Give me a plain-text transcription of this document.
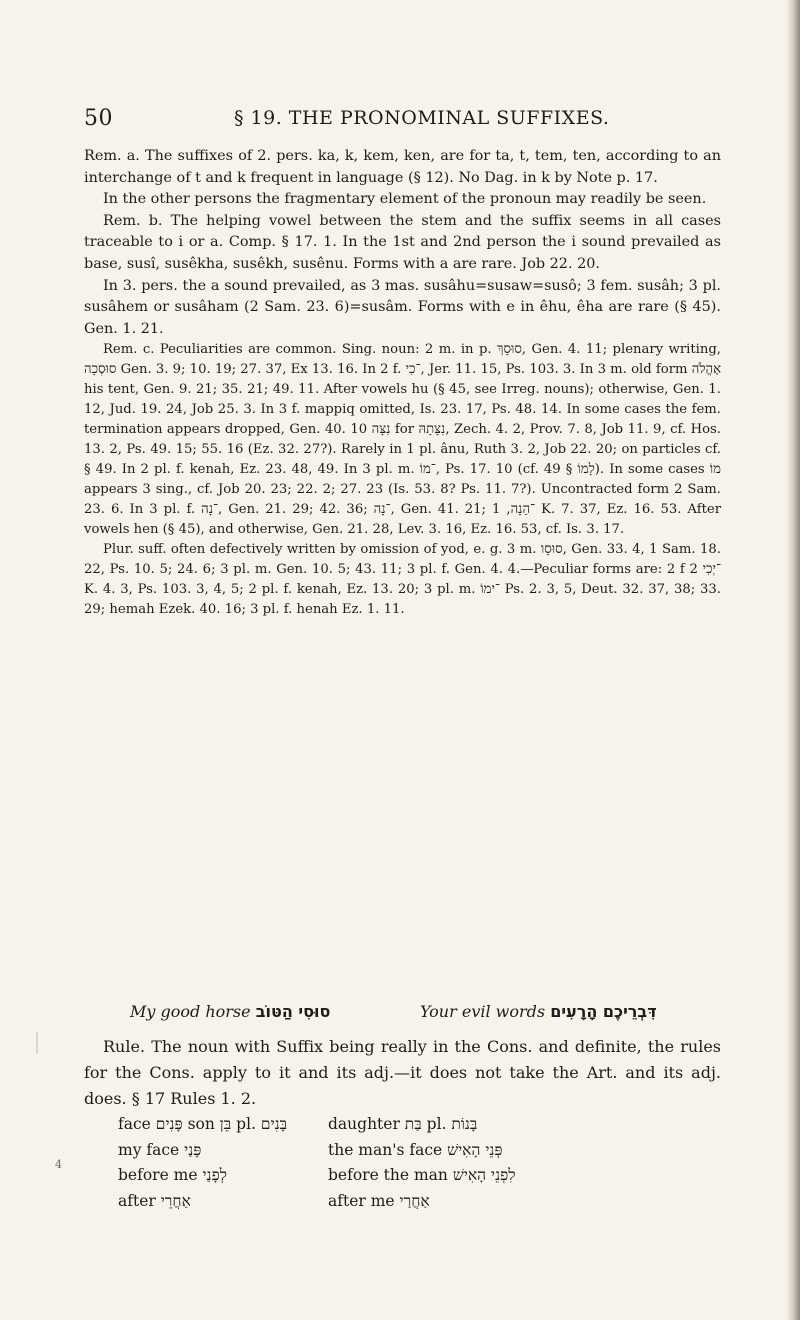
50	§ 19. THE PRONOMINAL SUFFIXES.

Rem. a. The suffixes of 2. pers. ka, k, kem, ken, are for ta, t, tem, ten, according to an interchange of t and k frequent in language (§ 12). No Dag. in k by Note p. 17.

In the other persons the fragmentary element of the pronoun may readily be seen.

Rem. b. The helping vowel between the stem and the suffix seems in all cases traceable to i or a. Comp. § 17. 1. In the 1st and 2nd person the i sound prevailed as base, susî, susêkha, susêkh, susênu. Forms with a are rare. Job 22. 20.

In 3. pers. the a sound prevailed, as 3 mas. susâhu=susaw=susô; 3 fem. susâh; 3 pl. susâhem or susâham (2 Sam. 23. 6)=susâm. Forms with e in êhu, êha are rare (§ 45). Gen. 1. 21.

Rem. c. Peculiarities are common. Sing. noun: 2 m. in p. סוּסָךְ, Gen. 4. 11; plenary writing, סוּסְכָה Gen. 3. 9; 10. 19; 27. 37, Ex 13. 16. In 2 f. ־כִי, Jer. 11. 15, Ps. 103. 3. In 3 m. old form אָהֳלֹה his tent, Gen. 9. 21; 35. 21; 49. 11. After vowels hu (§ 45, see Irreg. nouns); otherwise, Gen. 1. 12, Jud. 19. 24, Job 25. 3. In 3 f. mappiq omitted, Is. 23. 17, Ps. 48. 14. In some cases the fem. termination appears dropped, Gen. 40. 10 נִצָּה for נִצָּתָהּ, Zech. 4. 2, Prov. 7. 8, Job 11. 9, cf. Hos. 13. 2, Ps. 49. 15; 55. 16 (Ez. 32. 27?). Rarely in 1 pl. ânu, Ruth 3. 2, Job 22. 20; on particles cf. § 49. In 2 pl. f. kenah, Ez. 23. 48, 49. In 3 pl. m. ־מוֹ, Ps. 17. 10 (cf. לָמוֹ § 49). In some cases מוֹ appears 3 sing., cf. Job 20. 23; 22. 2; 27. 23 (Is. 53. 8? Ps. 11. 7?). Uncontracted form 2 Sam. 23. 6. In 3 pl. f. ־נָה, Gen. 21. 29; 42. 36; ־נָה, Gen. 41. 21; ־הֵנָה, 1 K. 7. 37, Ez. 16. 53. After vowels hen (§ 45), and otherwise, Gen. 21. 28, Lev. 3. 16, Ez. 16. 53, cf. Is. 3. 17.

Plur. suff. often defectively written by omission of yod, e. g. 3 m. סוּסָו, Gen. 33. 4, 1 Sam. 18. 22, Ps. 10. 5; 24. 6; 3 pl. m. Gen. 10. 5; 43. 11; 3 pl. f. Gen. 4. 4.—Peculiar forms are: 2 f ־יְכִי 2 K. 4. 3, Ps. 103. 3, 4, 5; 2 pl. f. kenah, Ez. 13. 20; 3 pl. m. ־ימוֹ Ps. 2. 3, 5, Deut. 32. 37, 38; 33. 29; hemah Ezek. 40. 16; 3 pl. f. henah Ez. 1. 11.

My good horse סוּסִי הַטּוֹב	Your evil words דִּבְרֵיכֶם הָרָעִים

Rule. The noun with Suffix being really in the Cons. and definite, the rules for the Cons. apply to it and its adj.—it does not take the Art. and its adj. does. § 17 Rules 1. 2.

face פָּנִים son בֵּן pl. בָּנִים	daughter בַּת pl. בָּנוֹת
my face פָּנַי	the man's face פְּנֵי הָאִישׁ
before me לְפָנַי	before the man לִפְנֵי הָאִישׁ
after אַחֲרֵי	after me אַחֲרַי
4
